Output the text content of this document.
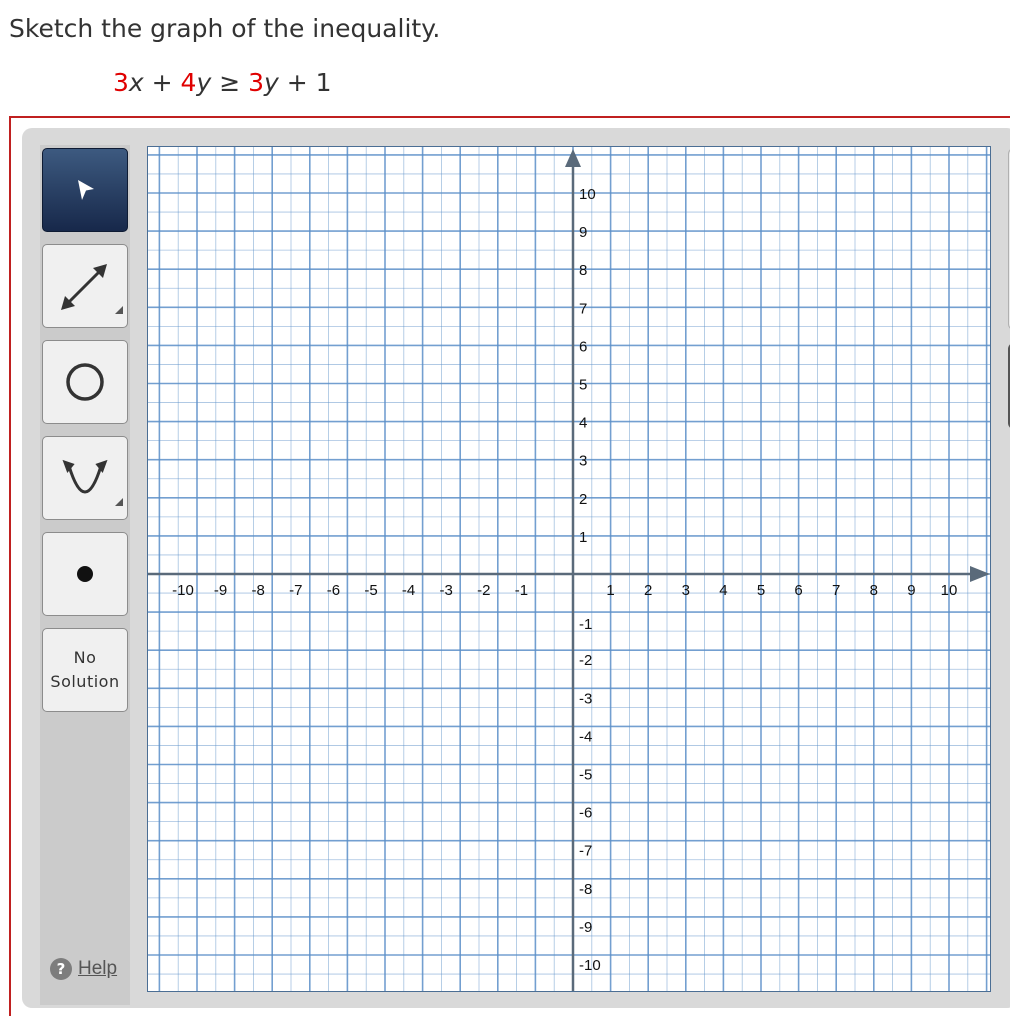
Sketch the graph of the inequality.
3x + 4y ≥ 3y + 1
No
Solution
? Help
-10 -9 -8 -7 -6 -5 -4 -3 -2 -1	1 2 3 4 5 6 7 8 9 10
10
9
8
7
6
5
4
3
2
1
-1
-2
-3
-4
-5
-6
-7
-8
-9
-10
